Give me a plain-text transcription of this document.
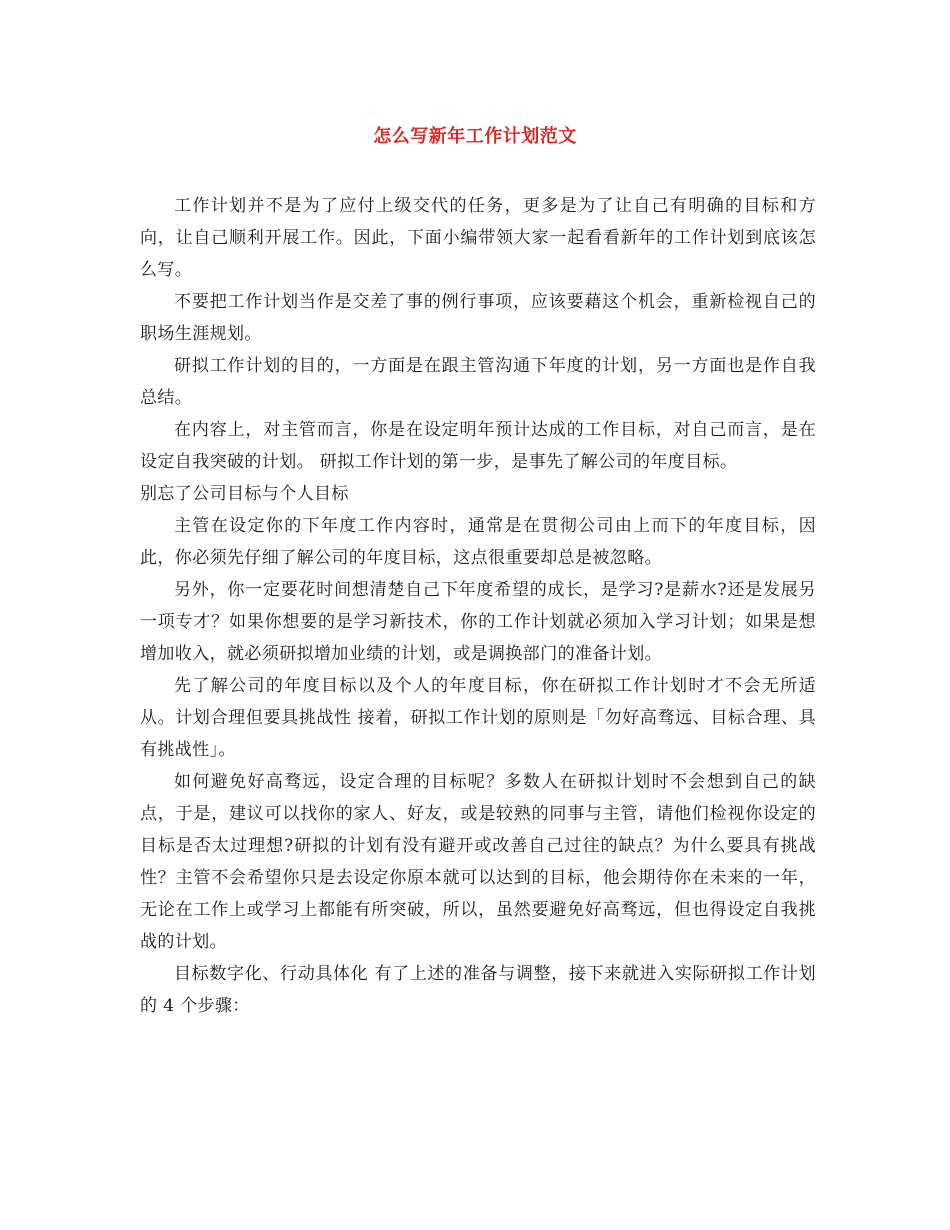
怎么写新年工作计划范文

工作计划并不是为了应付上级交代的任务，更多是为了让自己有明确的目标和方向，让自己顺利开展工作。因此，下面小编带领大家一起看看新年的工作计划到底该怎么写。

不要把工作计划当作是交差了事的例行事项，应该要藉这个机会，重新检视自己的职场生涯规划。

研拟工作计划的目的，一方面是在跟主管沟通下年度的计划，另一方面也是作自我总结。

在内容上，对主管而言，你是在设定明年预计达成的工作目标，对自己而言，是在设定自我突破的计划。 研拟工作计划的第一步，是事先了解公司的年度目标。

别忘了公司目标与个人目标

主管在设定你的下年度工作内容时，通常是在贯彻公司由上而下的年度目标，因此，你必须先仔细了解公司的年度目标，这点很重要却总是被忽略。

另外，你一定要花时间想清楚自己下年度希望的成长，是学习?是薪水?还是发展另一项专才？如果你想要的是学习新技术，你的工作计划就必须加入学习计划；如果是想增加收入，就必须研拟增加业绩的计划，或是调换部门的准备计划。

先了解公司的年度目标以及个人的年度目标，你在研拟工作计划时才不会无所适从。计划合理但要具挑战性 接着，研拟工作计划的原则是「勿好高骛远、目标合理、具有挑战性」。

如何避免好高骛远，设定合理的目标呢？多数人在研拟计划时不会想到自己的缺点，于是，建议可以找你的家人、好友，或是较熟的同事与主管，请他们检视你设定的目标是否太过理想?研拟的计划有没有避开或改善自己过往的缺点？为什么要具有挑战性？主管不会希望你只是去设定你原本就可以达到的目标，他会期待你在未来的一年，无论在工作上或学习上都能有所突破，所以，虽然要避免好高骛远，但也得设定自我挑战的计划。

目标数字化、行动具体化 有了上述的准备与调整，接下来就进入实际研拟工作计划的 4 个步骤：
